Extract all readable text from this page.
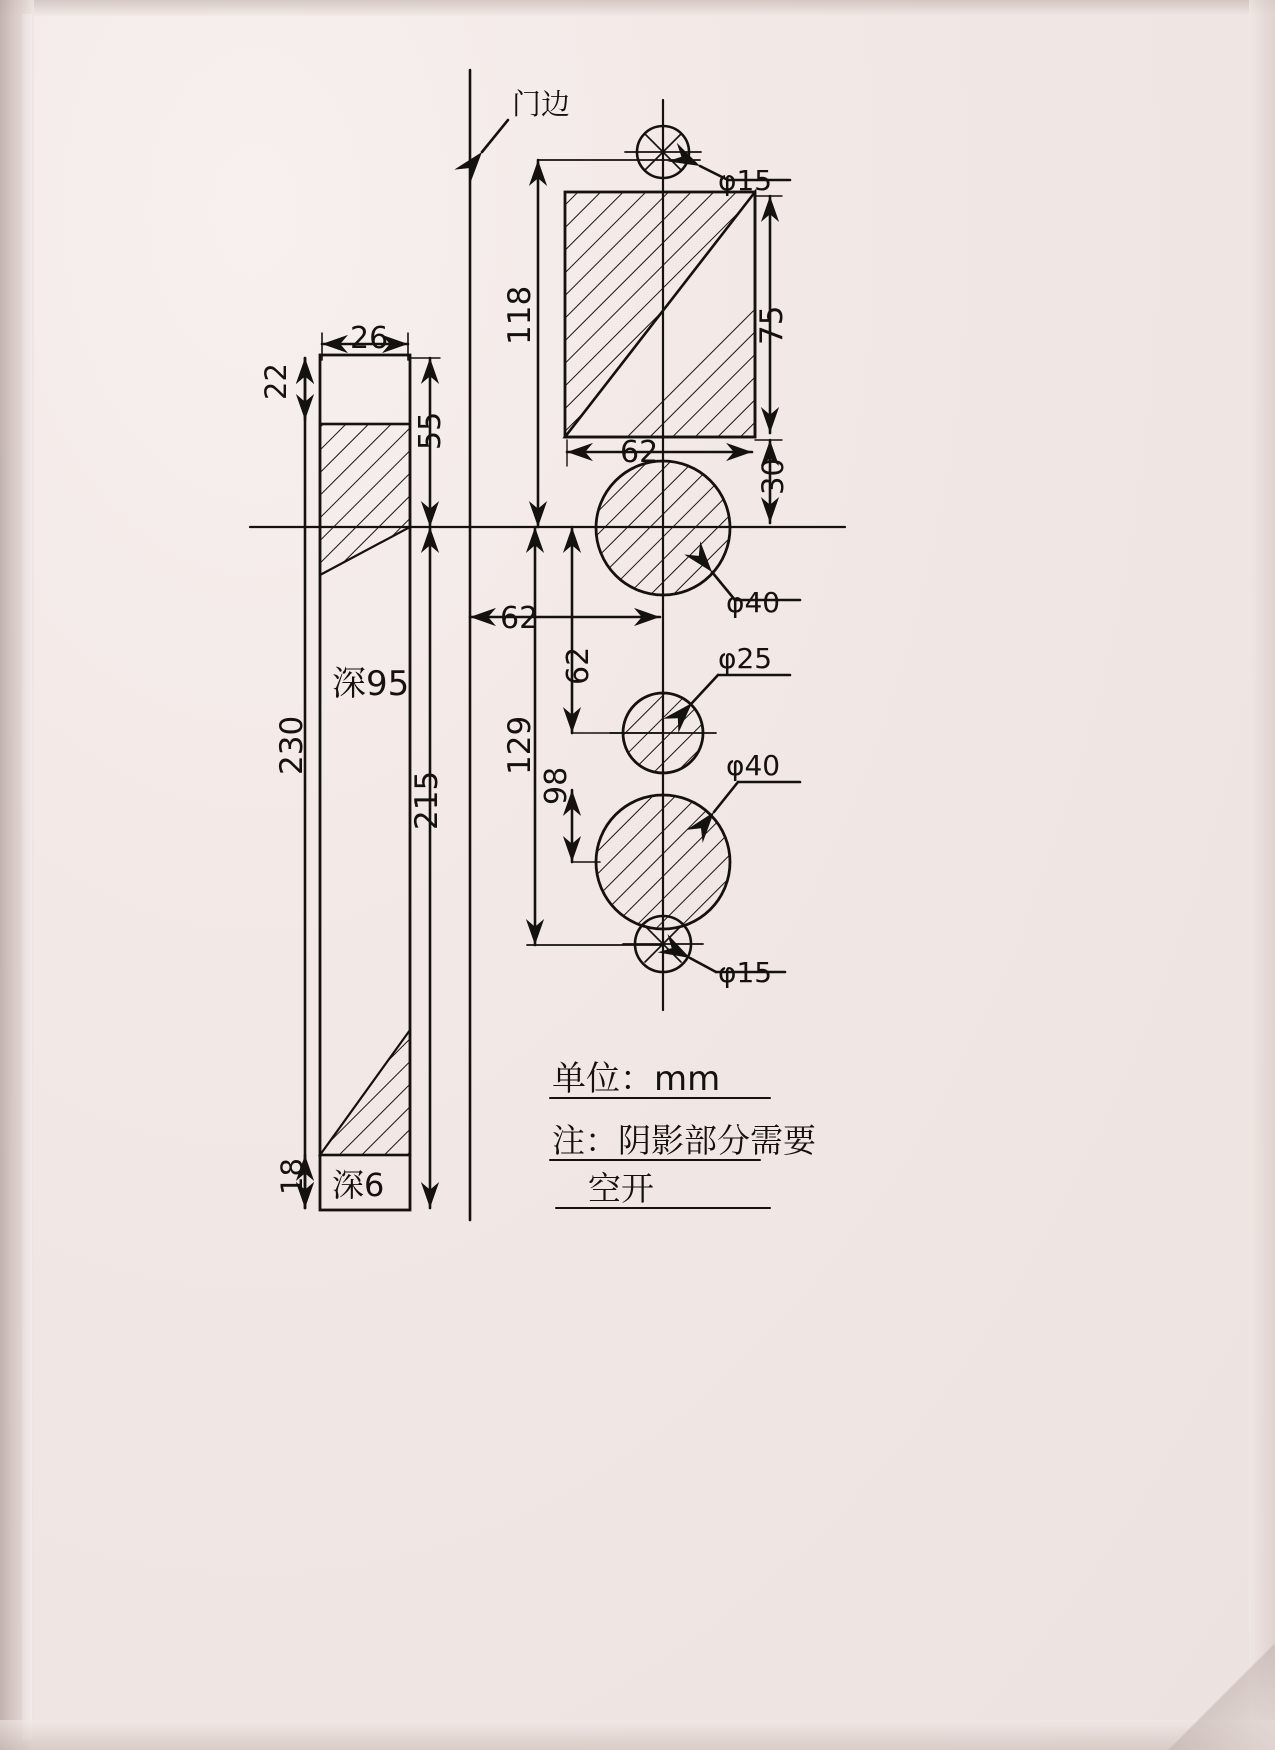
门边
26
22
55
230
215
18
深95
深6
118	75
30
62
62
62
129
98
φ15
φ40
φ25
φ40
φ15
单位：mm
注：阴影部分需要
空开
